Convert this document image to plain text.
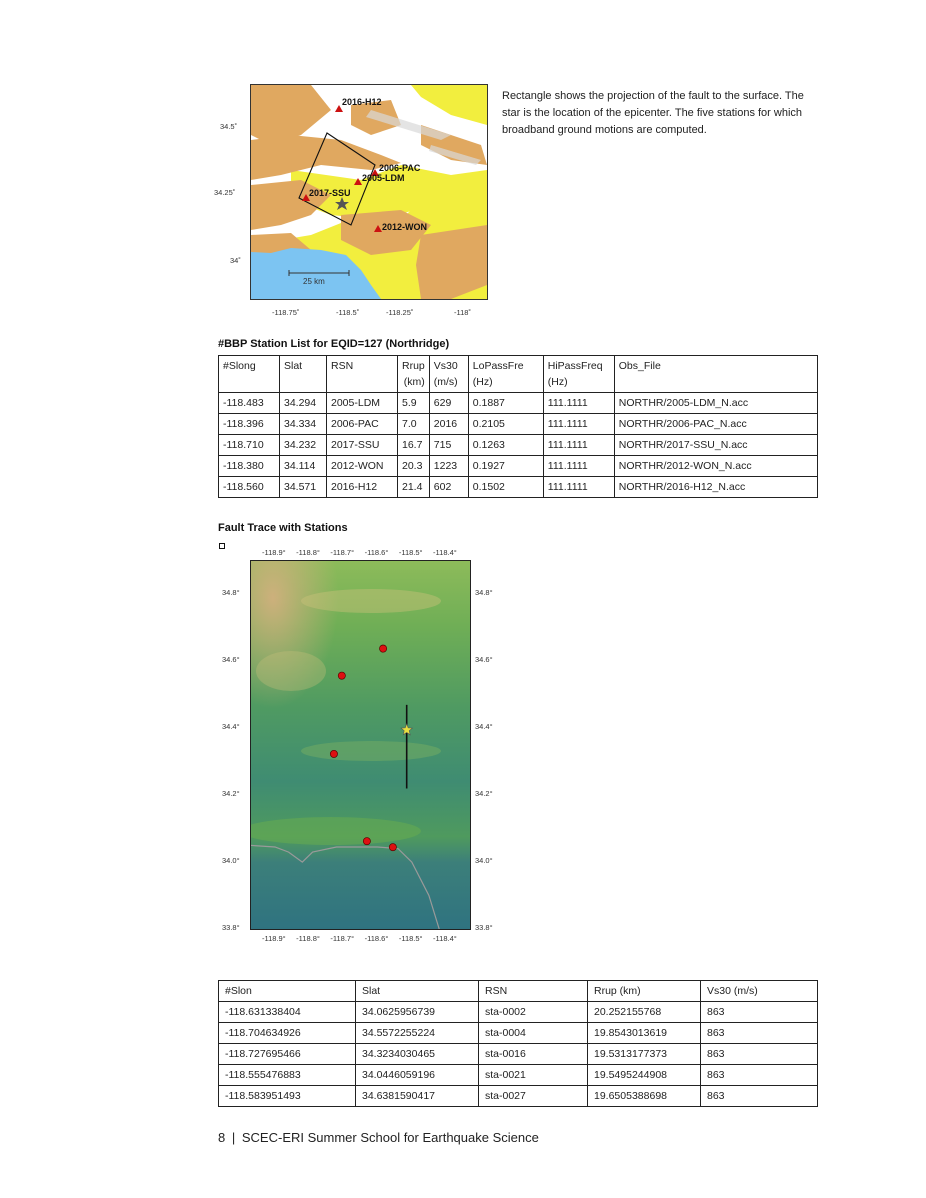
2016-H12
2006-PAC
2005-LDM
2017-SSU
2012-WON
25 km
34.5˚
34.25˚
34˚
-118.75˚	-118.5˚	-118.25˚	-118˚
Rectangle shows the projection of the fault to the surface. The star is the location of the epicenter. The five stations for which broadband ground motions are computed.
#BBP Station List for EQID=127 (Northridge)
#Slong	Slat	RSN	Rrup (km)	Vs30 (m/s)	LoPassFre (Hz)	HiPassFreq (Hz)	Obs_File
-118.483	34.294	2005-LDM	5.9	629	0.1887	111.1111	NORTHR/2005-LDM_N.acc
-118.396	34.334	2006-PAC	7.0	2016	0.2105	111.1111	NORTHR/2006-PAC_N.acc
-118.710	34.232	2017-SSU	16.7	715	0.1263	111.1111	NORTHR/2017-SSU_N.acc
-118.380	34.114	2012-WON	20.3	1223	0.1927	111.1111	NORTHR/2012-WON_N.acc
-118.560	34.571	2016-H12	21.4	602	0.1502	111.1111	NORTHR/2016-H12_N.acc
Fault Trace with Stations
-118.9°
-118.9°
-118.8°
-118.8°
-118.7°
-118.7°
-118.6°
-118.6°
-118.5°
-118.5°
-118.4°
-118.4°
34.8°	34.8°
34.6°	34.6°
34.4°	34.4°
34.2°	34.2°
34.0°	34.0°
33.8°	33.8°
#Slon	Slat	RSN	Rrup (km)	Vs30 (m/s)
-118.631338404	34.0625956739	sta-0002	20.252155768	863
-118.704634926	34.5572255224	sta-0004	19.8543013619	863
-118.727695466	34.3234030465	sta-0016	19.5313177373	863
-118.555476883	34.0446059196	sta-0021	19.5495244908	863
-118.583951493	34.6381590417	sta-0027	19.6505388698	863
8 | SCEC-ERI Summer School for Earthquake Science
